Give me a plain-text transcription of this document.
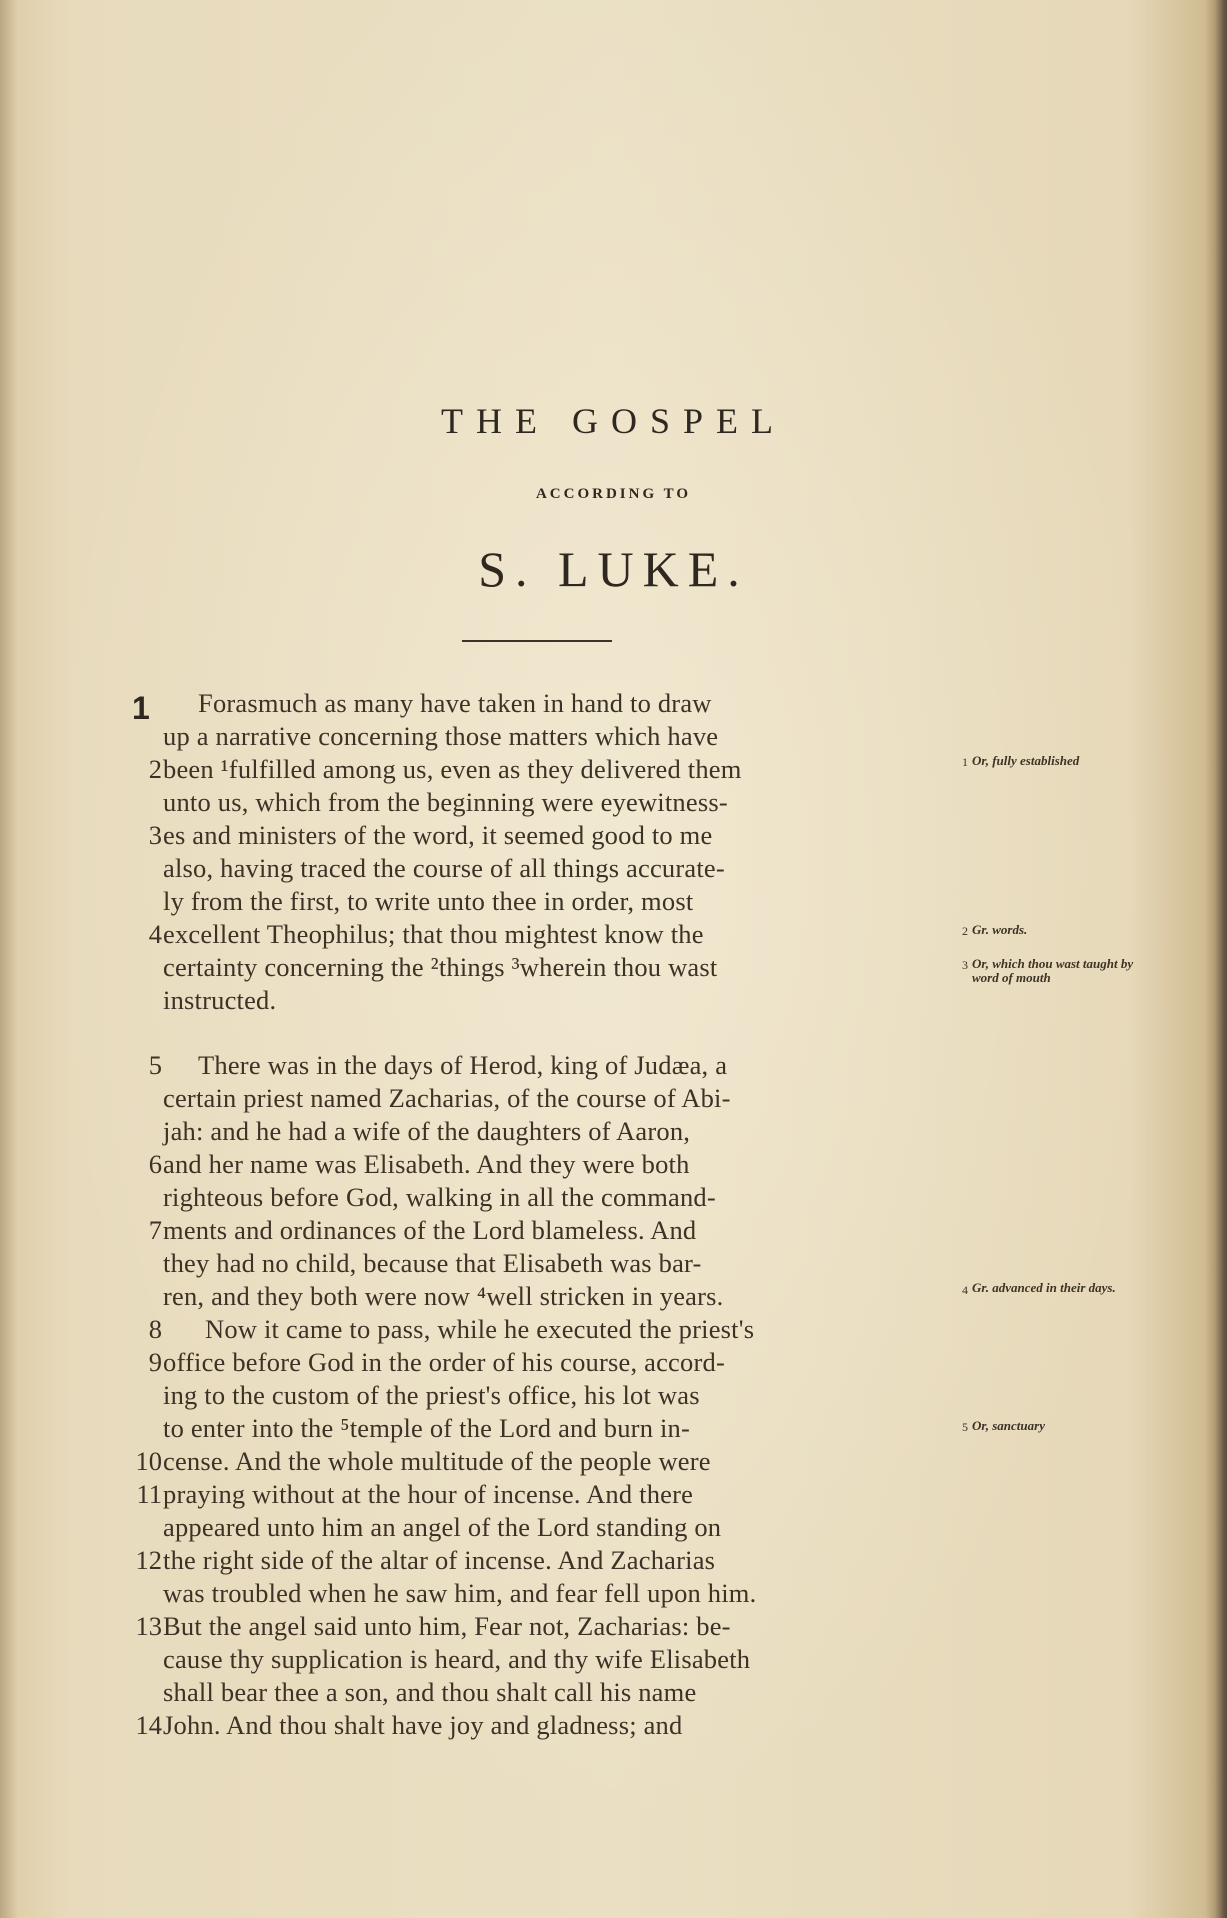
THE GOSPEL
ACCORDING TO
S. LUKE.
1
2
3
4
5
6
7
8
9
10
11
12
13
14
Forasmuch as many have taken in hand to draw
up a narrative concerning those matters which have
been ¹fulfilled among us, even as they delivered them
unto us, which from the beginning were eyewitness-
es and ministers of the word, it seemed good to me
also, having traced the course of all things accurate-
ly from the first, to write unto thee in order, most
excellent Theophilus; that thou mightest know the
certainty concerning the ²things ³wherein thou wast
instructed.
There was in the days of Herod, king of Judæa, a
certain priest named Zacharias, of the course of Abi-
jah: and he had a wife of the daughters of Aaron,
and her name was Elisabeth. And they were both
righteous before God, walking in all the command-
ments and ordinances of the Lord blameless. And
they had no child, because that Elisabeth was bar-
ren, and they both were now ⁴well stricken in years.
Now it came to pass, while he executed the priest's
office before God in the order of his course, accord-
ing to the custom of the priest's office, his lot was
to enter into the ⁵temple of the Lord and burn in-
cense. And the whole multitude of the people were
praying without at the hour of incense. And there
appeared unto him an angel of the Lord standing on
the right side of the altar of incense. And Zacharias
was troubled when he saw him, and fear fell upon him.
But the angel said unto him, Fear not, Zacharias: be-
cause thy supplication is heard, and thy wife Elisabeth
shall bear thee a son, and thou shalt call his name
John. And thou shalt have joy and gladness; and
1 Or, fully established
2 Gr. words.
3 Or, which thou wast taught by word of mouth
4 Gr. advanced in their days.
5 Or, sanctuary
